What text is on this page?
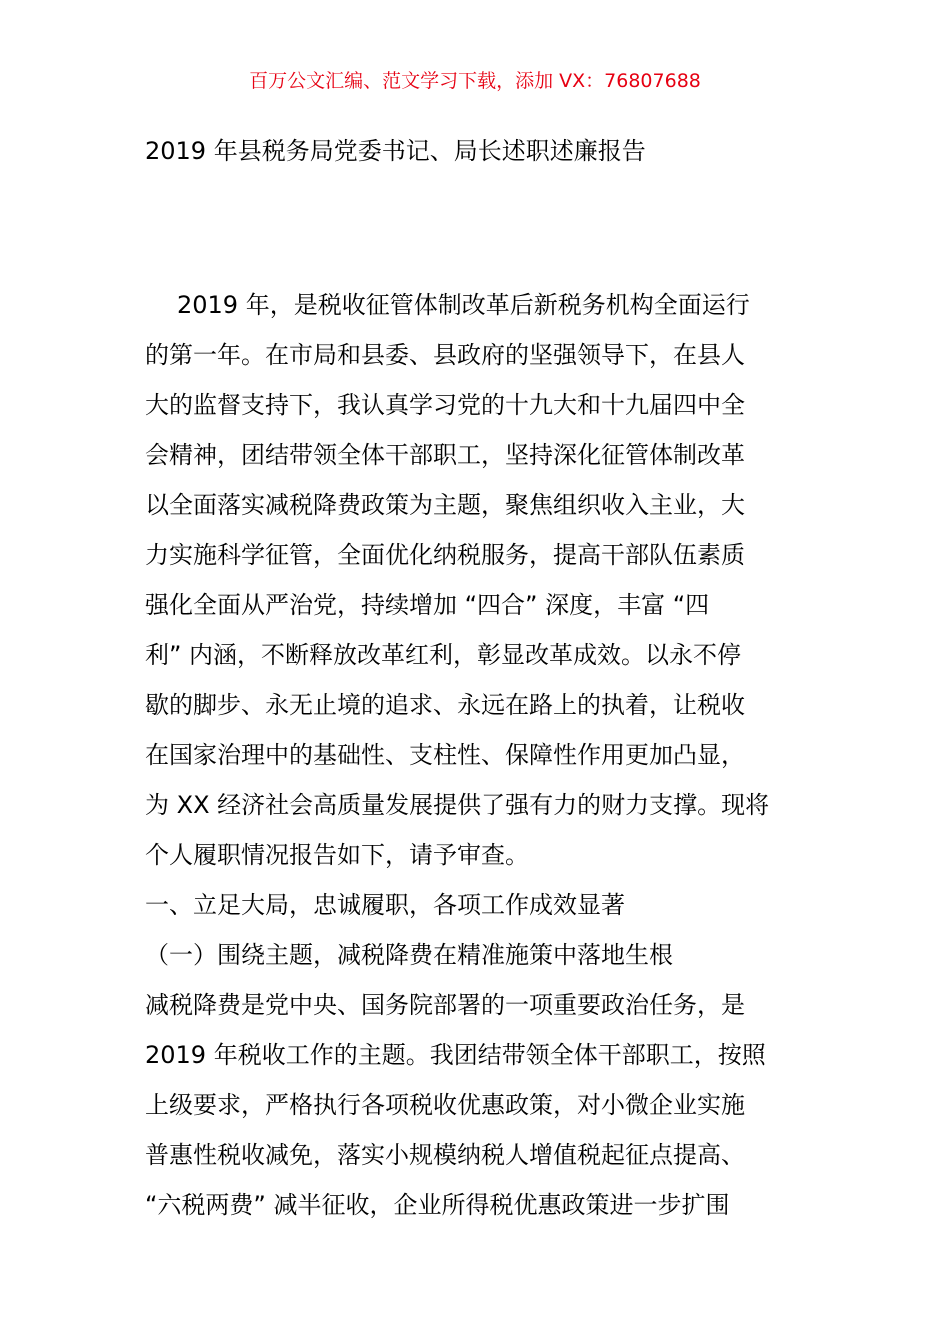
百万公文汇编、范文学习下载，添加 VX：76807688
2019 年县税务局党委书记、局长述职述廉报告
2019 年，是税收征管体制改革后新税务机构全面运行
的第一年。在市局和县委、县政府的坚强领导下，在县人
大的监督支持下，我认真学习党的十九大和十九届四中全
会精神，团结带领全体干部职工，坚持深化征管体制改革
以全面落实减税降费政策为主题，聚焦组织收入主业，大
力实施科学征管，全面优化纳税服务，提高干部队伍素质
强化全面从严治党，持续增加 “四合” 深度，丰富 “四
利” 内涵，不断释放改革红利，彰显改革成效。以永不停
歇的脚步、永无止境的追求、永远在路上的执着，让税收
在国家治理中的基础性、支柱性、保障性作用更加凸显，
为 XX 经济社会高质量发展提供了强有力的财力支撑。现将
个人履职情况报告如下，请予审查。
一、立足大局，忠诚履职，各项工作成效显著
（一）围绕主题，减税降费在精准施策中落地生根
减税降费是党中央、国务院部署的一项重要政治任务，是
2019 年税收工作的主题。我团结带领全体干部职工，按照
上级要求，严格执行各项税收优惠政策，对小微企业实施
普惠性税收减免，落实小规模纳税人增值税起征点提高、
“六税两费” 减半征收，企业所得税优惠政策进一步扩围
